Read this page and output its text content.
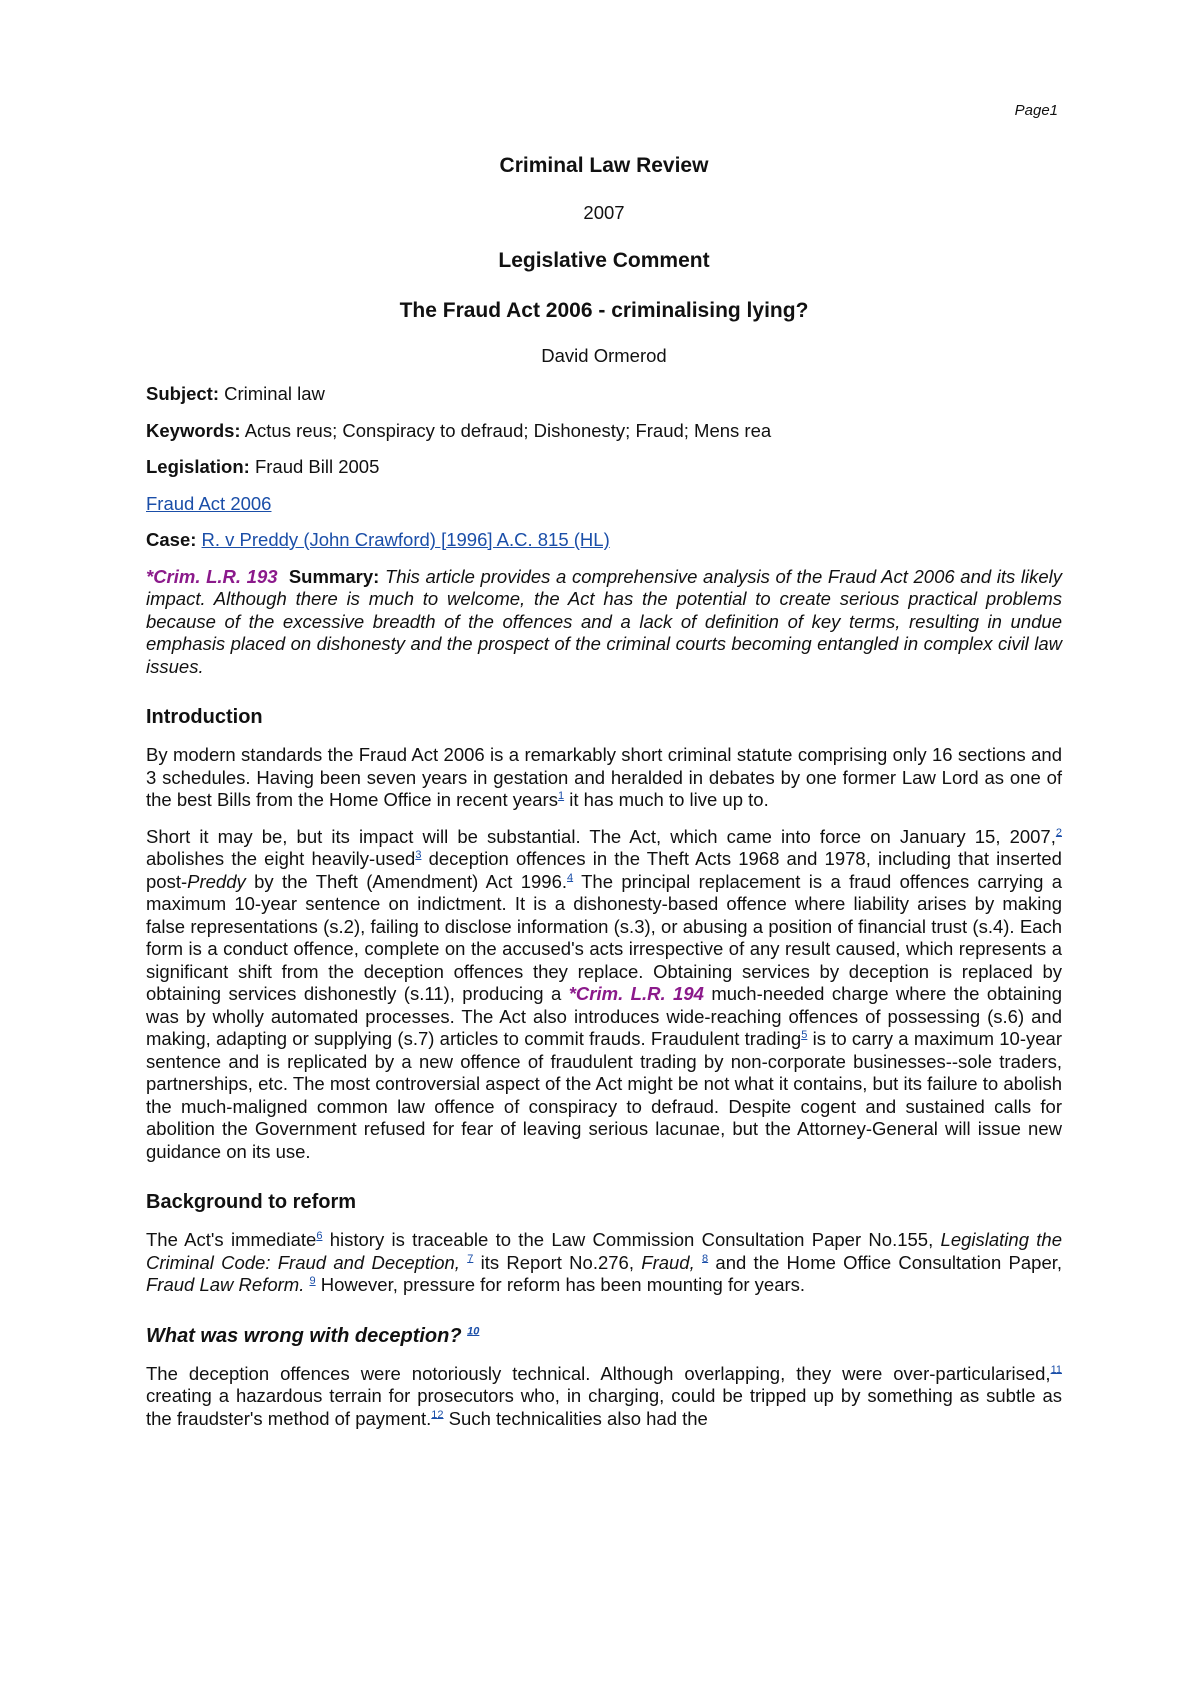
Page1
Criminal Law Review
2007
Legislative Comment
The Fraud Act 2006 - criminalising lying?
David Ormerod
Subject: Criminal law
Keywords: Actus reus; Conspiracy to defraud; Dishonesty; Fraud; Mens rea
Legislation: Fraud Bill 2005
Fraud Act 2006
Case: R. v Preddy (John Crawford) [1996] A.C. 815 (HL)
*Crim. L.R. 193 Summary: This article provides a comprehensive analysis of the Fraud Act 2006 and its likely impact. Although there is much to welcome, the Act has the potential to create serious practical problems because of the excessive breadth of the offences and a lack of definition of key terms, resulting in undue emphasis placed on dishonesty and the prospect of the criminal courts becoming entangled in complex civil law issues.
Introduction

By modern standards the Fraud Act 2006 is a remarkably short criminal statute comprising only 16 sections and 3 schedules. Having been seven years in gestation and heralded in debates by one former Law Lord as one of the best Bills from the Home Office in recent years$^1$ it has much to live up to.

Short it may be, but its impact will be substantial. The Act, which came into force on January 15, 2007,$^2$ abolishes the eight heavily-used$^3$ deception offences in the Theft Acts 1968 and 1978, including that inserted post-Preddy by the Theft (Amendment) Act 1996.$^4$ The principal replacement is a fraud offences carrying a maximum 10-year sentence on indictment. It is a dishonesty-based offence where liability arises by making false representations (s.2), failing to disclose information (s.3), or abusing a position of financial trust (s.4). Each form is a conduct offence, complete on the accused's acts irrespective of any result caused, which represents a significant shift from the deception offences they replace. Obtaining services by deception is replaced by obtaining services dishonestly (s.11), producing a *Crim. L.R. 194 much-needed charge where the obtaining was by wholly automated processes. The Act also introduces wide-reaching offences of possessing (s.6) and making, adapting or supplying (s.7) articles to commit frauds. Fraudulent trading$^5$ is to carry a maximum 10-year sentence and is replicated by a new offence of fraudulent trading by non-corporate businesses--sole traders, partnerships, etc. The most controversial aspect of the Act might be not what it contains, but its failure to abolish the much-maligned common law offence of conspiracy to defraud. Despite cogent and sustained calls for abolition the Government refused for fear of leaving serious lacunae, but the Attorney-General will issue new guidance on its use.

Background to reform

The Act's immediate$^6$ history is traceable to the Law Commission Consultation Paper No.155, Legislating the Criminal Code: Fraud and Deception, $^7$ its Report No.276, Fraud, $^8$ and the Home Office Consultation Paper, Fraud Law Reform. $^9$ However, pressure for reform has been mounting for years.

What was wrong with deception? $^{10}$

The deception offences were notoriously technical. Although overlapping, they were over-particularised,$^{11}$ creating a hazardous terrain for prosecutors who, in charging, could be tripped up by something as subtle as the fraudster's method of payment.$^{12}$ Such technicalities also had the
